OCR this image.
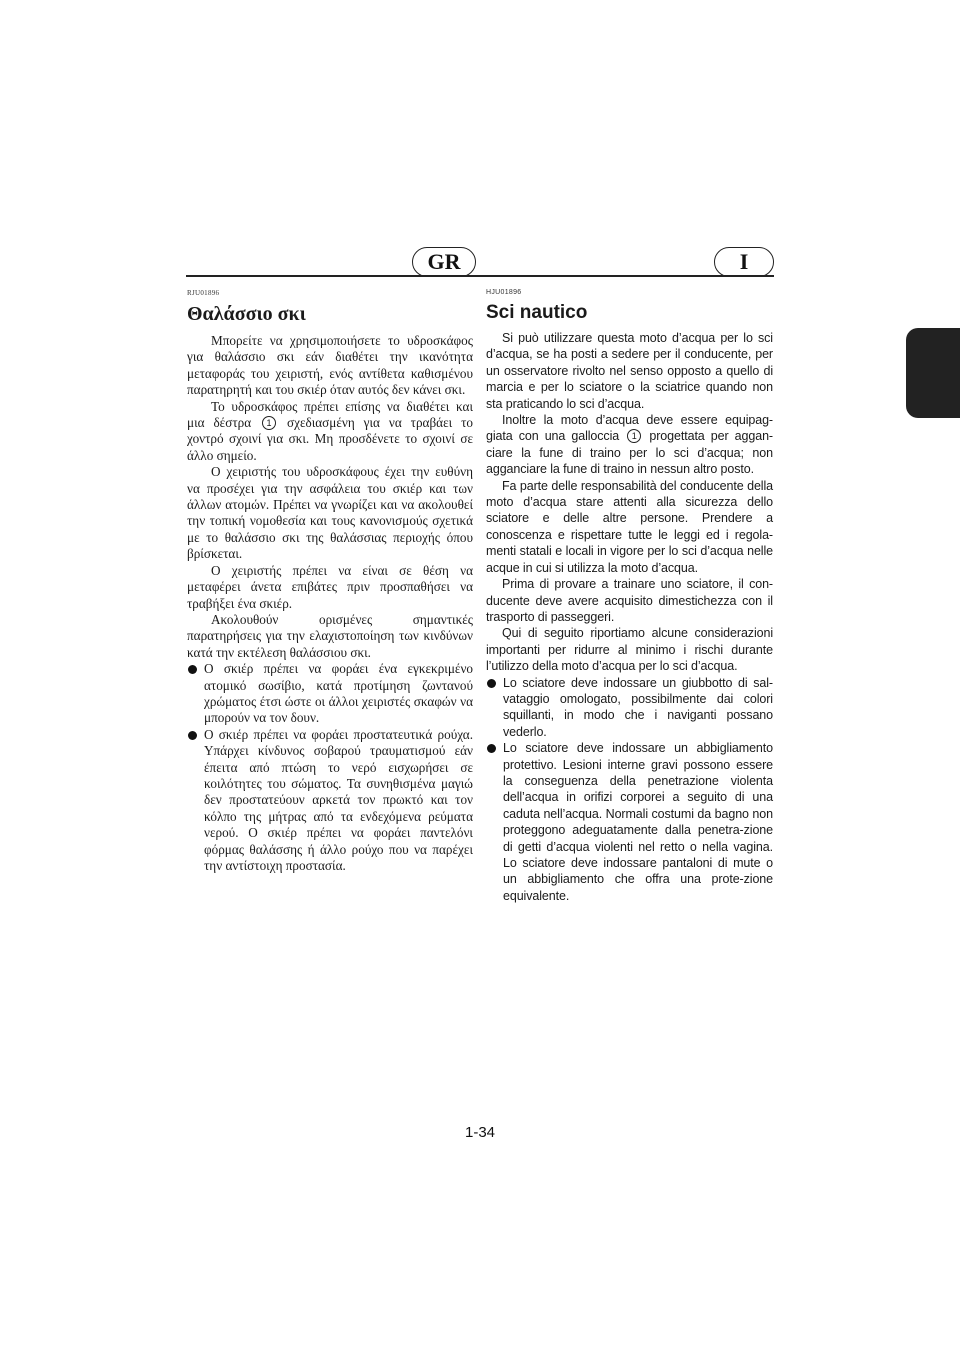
GR	I
RJU01896
Θαλάσσιο σκι

Μπορείτε να χρησιμοποιήσετε το υδροσκάφος για θαλάσσιο σκι εάν διαθέτει την ικανότητα μεταφοράς του χειριστή, ενός αντίθετα καθισμένου παρατηρητή και του σκιέρ όταν αυτός δεν κάνει σκι.

Το υδροσκάφος πρέπει επίσης να διαθέτει και μια δέστρα 1 σχεδιασμένη για να τραβάει το χοντρό σχοινί για σκι. Μη προσδένετε το σχοινί σε άλλο σημείο.

Ο χειριστής του υδροσκάφους έχει την ευθύνη να προσέχει για την ασφάλεια του σκιέρ και των άλλων ατομών. Πρέπει να γνωρίζει και να ακολουθεί την τοπική νομοθεσία και τους κανονισμούς σχετικά με το θαλάσσιο σκι της θαλάσσιας περιοχής όπου βρίσκεται.

Ο χειριστής πρέπει να είναι σε θέση να μεταφέρει άνετα επιβάτες πριν προσπαθήσει να τραβήξει ένα σκιέρ.

Ακολουθούν ορισμένες σημαντικές παρατηρήσεις για την ελαχιστοποίηση των κινδύνων κατά την εκτέλεση θαλάσσιου σκι.

Ο σκιέρ πρέπει να φοράει ένα εγκεκριμένο ατομικό σωσίβιο, κατά προτίμηση ζωντανού χρώματος έτσι ώστε οι άλλοι χειριστές σκαφών να μπορούν να τον δουν.
Ο σκιέρ πρέπει να φοράει προστατευτικά ρούχα. Υπάρχει κίνδυνος σοβαρού τραυματισμού εάν έπειτα από πτώση το νερό εισχωρήσει σε κοιλότητες του σώματος. Τα συνηθισμένα μαγιώ δεν προστατεύουν αρκετά τον πρωκτό και τον κόλπο της μήτρας από τα ενδεχόμενα ρεύματα νερού. Ο σκιέρ πρέπει να φοράει παντελόνι φόρμας θαλάσσης ή άλλο ρούχο που να παρέχει την αντίστοιχη προστασία.
HJU01896
Sci nautico

Si può utilizzare questa moto d’acqua per lo sci d’acqua, se ha posti a sedere per il conducente, per un osservatore rivolto nel senso opposto a quello di marcia e per lo sciatore o la sciatrice quando non sta praticando lo sci d’acqua.

Inoltre la moto d’acqua deve essere equipag-giata con una galloccia 1 progettata per aggan-ciare la fune di traino per lo sci d’acqua; non agganciare la fune di traino in nessun altro posto.

Fa parte delle responsabilità del conducente della moto d’acqua stare attenti alla sicurezza dello sciatore e delle altre persone. Prendere a conoscenza e rispettare tutte le leggi ed i regola-menti statali e locali in vigore per lo sci d’acqua nelle acque in cui si utilizza la moto d’acqua.

Prima di provare a trainare uno sciatore, il con-ducente deve avere acquisito dimestichezza con il trasporto di passeggeri.

Qui di seguito riportiamo alcune considerazioni importanti per ridurre al minimo i rischi durante l’utilizzo della moto d’acqua per lo sci d’acqua.

Lo sciatore deve indossare un giubbotto di sal-vataggio omologato, possibilmente dai colori squillanti, in modo che i naviganti possano vederlo.
Lo sciatore deve indossare un abbigliamento protettivo. Lesioni interne gravi possono essere la conseguenza della penetrazione violenta dell’acqua in orifizi corporei a seguito di una caduta nell’acqua. Normali costumi da bagno non proteggono adeguatamente dalla penetra-zione di getti d’acqua violenti nel retto o nella vagina. Lo sciatore deve indossare pantaloni di mute o un abbigliamento che offra una prote-zione equivalente.
1-34
